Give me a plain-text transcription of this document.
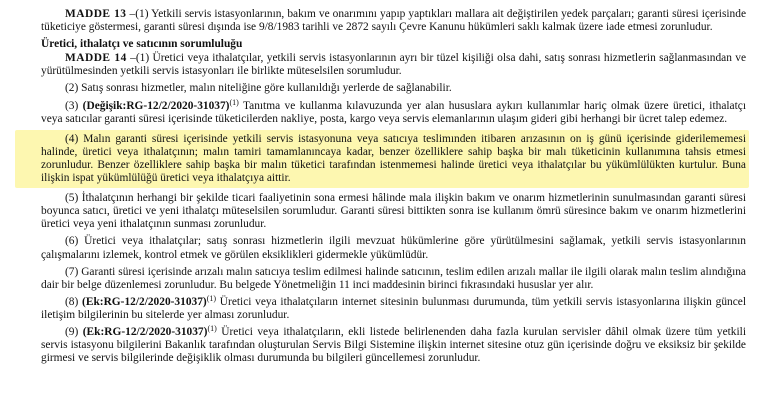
MADDE 13 –(1) Yetkili servis istasyonlarının, bakım ve onarımını yapıp yaptıkları mallara ait değiştirilen yedek parçaları; garanti süresi içerisinde tüketiciye göstermesi, garanti süresi dışında ise 9/8/1983 tarihli ve 2872 sayılı Çevre Kanunu hükümleri saklı kalmak üzere iade etmesi zorunludur.

Üretici, ithalatçı ve satıcının sorumluluğu

MADDE 14 –(1) Üretici veya ithalatçılar, yetkili servis istasyonlarının ayrı bir tüzel kişiliği olsa dahi, satış sonrası hizmetlerin sağlanmasından ve yürütülmesinden yetkili servis istasyonları ile birlikte müteselsilen sorumludur.

(2) Satış sonrası hizmetler, malın niteliğine göre kullanıldığı yerlerde de sağlanabilir.

(3) (Değişik:RG-12/2/2020-31037)$^{(1)}$ Tanıtma ve kullanma kılavuzunda yer alan hususlara aykırı kullanımlar hariç olmak üzere üretici, ithalatçı veya satıcılar garanti süresi içerisinde tüketicilerden nakliye, posta, kargo veya servis elemanlarının ulaşım gideri gibi herhangi bir ücret talep edemez.

(4) Malın garanti süresi içerisinde yetkili servis istasyonuna veya satıcıya teslimınden itibaren arızasının on iş günü içerisinde giderilememesi halinde, üretici veya ithalatçının; malın tamiri tamamlanıncaya kadar, benzer özelliklere sahip başka bir malı tüketicinin kullanımına tahsis etmesi zorunludur. Benzer özelliklere sahip başka bir malın tüketici tarafından istenmemesi halinde üretici veya ithalatçılar bu yükümlülükten kurtulur. Buna ilişkin ispat yükümlülüğü üretici veya ithalatçıya aittir.

(5) İthalatçının herhangi bir şekilde ticari faaliyetinin sona ermesi hâlinde mala ilişkin bakım ve onarım hizmetlerinin sunulmasından garanti süresi boyunca satıcı, üretici ve yeni ithalatçı müteselsilen sorumludur. Garanti süresi bittikten sonra ise kullanım ömrü süresince bakım ve onarım hizmetlerini üretici veya yeni ithalatçının sunması zorunludur.

(6) Üretici veya ithalatçılar; satış sonrası hizmetlerin ilgili mevzuat hükümlerine göre yürütülmesini sağlamak, yetkili servis istasyonlarının çalışmalarını izlemek, kontrol etmek ve görülen eksiklikleri gidermekle yükümlüdür.

(7) Garanti süresi içerisinde arızalı malın satıcıya teslim edilmesi halinde satıcının, teslim edilen arızalı mallar ile ilgili olarak malın teslim alındığına dair bir belge düzenlemesi zorunludur. Bu belgede Yönetmeliğin 11 inci maddesinin birinci fıkrasındaki hususlar yer alır.

(8) (Ek:RG-12/2/2020-31037)$^{(1)}$ Üretici veya ithalatçıların internet sitesinin bulunması durumunda, tüm yetkili servis istasyonlarına ilişkin güncel iletişim bilgilerinin bu sitelerde yer alması zorunludur.

(9) (Ek:RG-12/2/2020-31037)$^{(1)}$ Üretici veya ithalatçıların, ekli listede belirlenenden daha fazla kurulan servisler dâhil olmak üzere tüm yetkili servis istasyonu bilgilerini Bakanlık tarafından oluşturulan Servis Bilgi Sistemine ilişkin internet sitesine otuz gün içerisinde doğru ve eksiksiz bir şekilde girmesi ve servis bilgilerinde değişiklik olması durumunda bu bilgileri güncellemesi zorunludur.
